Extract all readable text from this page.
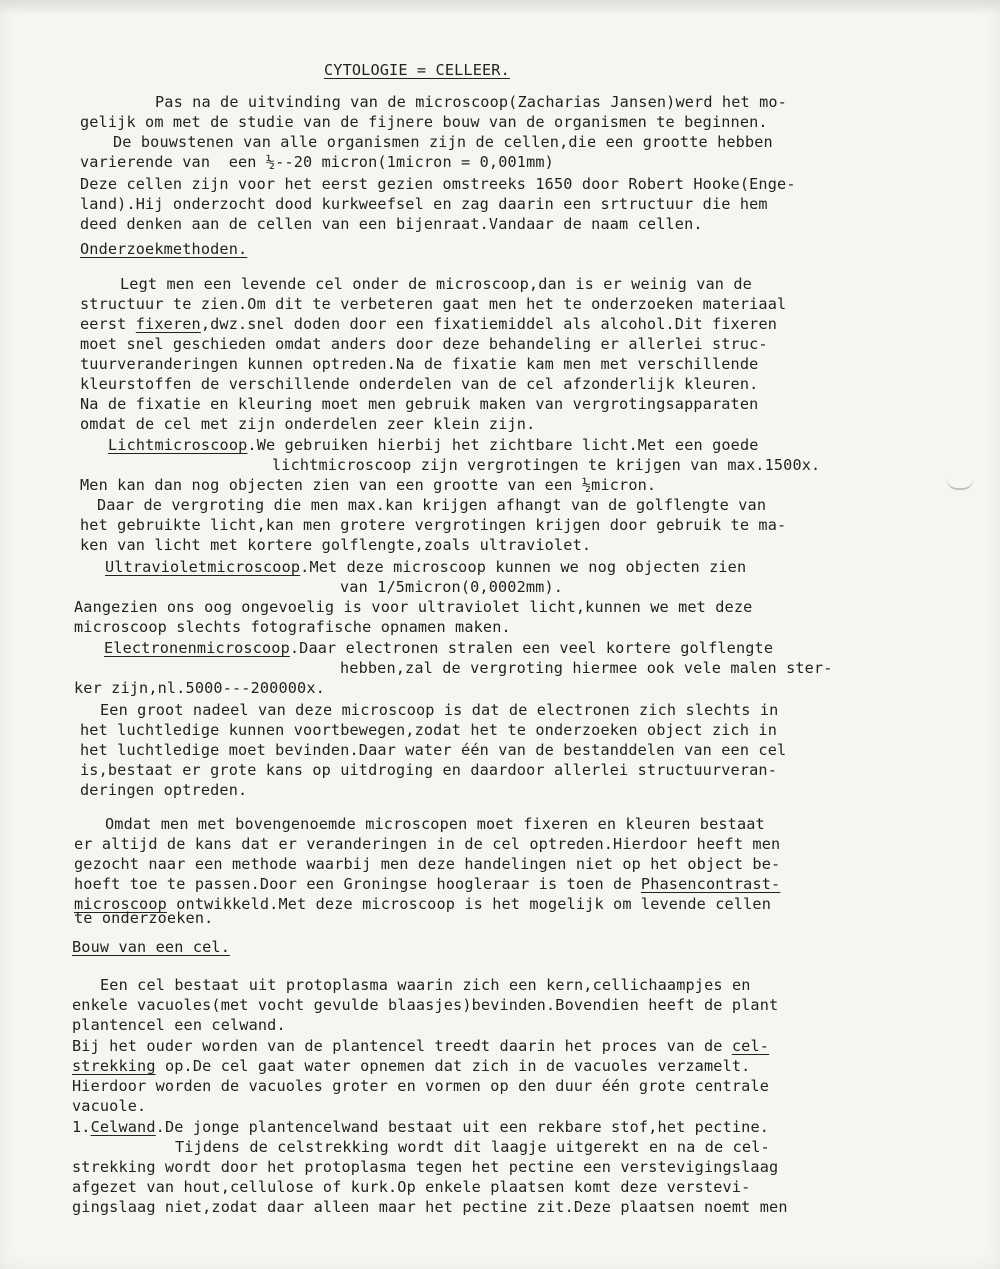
CYTOLOGIE = CELLEER.
Pas na de uitvinding van de microscoop(Zacharias Jansen)werd het mo-
gelijk om met de studie van de fijnere bouw van de organismen te beginnen.
De bouwstenen van alle organismen zijn de cellen,die een grootte hebben
varierende van  een ½--20 micron(1micron = 0,001mm)
Deze cellen zijn voor het eerst gezien omstreeks 1650 door Robert Hooke(Enge-
land).Hij onderzocht dood kurkweefsel en zag daarin een srtructuur die hem
deed denken aan de cellen van een bijenraat.Vandaar de naam cellen.
Onderzoekmethoden.
Legt men een levende cel onder de microscoop,dan is er weinig van de
structuur te zien.Om dit te verbeteren gaat men het te onderzoeken materiaal
eerst fixeren,dwz.snel doden door een fixatiemiddel als alcohol.Dit fixeren
moet snel geschieden omdat anders door deze behandeling er allerlei struc-
tuurveranderingen kunnen optreden.Na de fixatie kam men met verschillende
kleurstoffen de verschillende onderdelen van de cel afzonderlijk kleuren.
Na de fixatie en kleuring moet men gebruik maken van vergrotingsapparaten
omdat de cel met zijn onderdelen zeer klein zijn.
Lichtmicroscoop.We gebruiken hierbij het zichtbare licht.Met een goede
lichtmicroscoop zijn vergrotingen te krijgen van max.1500x.
Men kan dan nog objecten zien van een grootte van een ½micron.
Daar de vergroting die men max.kan krijgen afhangt van de golflengte van
het gebruikte licht,kan men grotere vergrotingen krijgen door gebruik te ma-
ken van licht met kortere golflengte,zoals ultraviolet.
Ultravioletmicroscoop.Met deze microscoop kunnen we nog objecten zien
van 1/5micron(0,0002mm).
Aangezien ons oog ongevoelig is voor ultraviolet licht,kunnen we met deze
microscoop slechts fotografische opnamen maken.
Electronenmicroscoop.Daar electronen stralen een veel kortere golflengte
hebben,zal de vergroting hiermee ook vele malen ster-
ker zijn,nl.5000---200000x.
Een groot nadeel van deze microscoop is dat de electronen zich slechts in
het luchtledige kunnen voortbewegen,zodat het te onderzoeken object zich in
het luchtledige moet bevinden.Daar water één van de bestanddelen van een cel
is,bestaat er grote kans op uitdroging en daardoor allerlei structuurveran-
deringen optreden.
Omdat men met bovengenoemde microscopen moet fixeren en kleuren bestaat
er altijd de kans dat er veranderingen in de cel optreden.Hierdoor heeft men
gezocht naar een methode waarbij men deze handelingen niet op het object be-
hoeft toe te passen.Door een Groningse hoogleraar is toen de Phasencontrast-
microscoop ontwikkeld.Met deze microscoop is het mogelijk om levende cellen
te onderzoeken.
Bouw van een cel.
Een cel bestaat uit protoplasma waarin zich een kern,cellichaampjes en
enkele vacuoles(met vocht gevulde blaasjes)bevinden.Bovendien heeft de plant
plantencel een celwand.
Bij het ouder worden van de plantencel treedt daarin het proces van de cel-
strekking op.De cel gaat water opnemen dat zich in de vacuoles verzamelt.
Hierdoor worden de vacuoles groter en vormen op den duur één grote centrale
vacuole.
1.Celwand.De jonge plantencelwand bestaat uit een rekbare stof,het pectine.
Tijdens de celstrekking wordt dit laagje uitgerekt en na de cel-
strekking wordt door het protoplasma tegen het pectine een verstevigingslaag
afgezet van hout,cellulose of kurk.Op enkele plaatsen komt deze verstevi-
gingslaag niet,zodat daar alleen maar het pectine zit.Deze plaatsen noemt men
